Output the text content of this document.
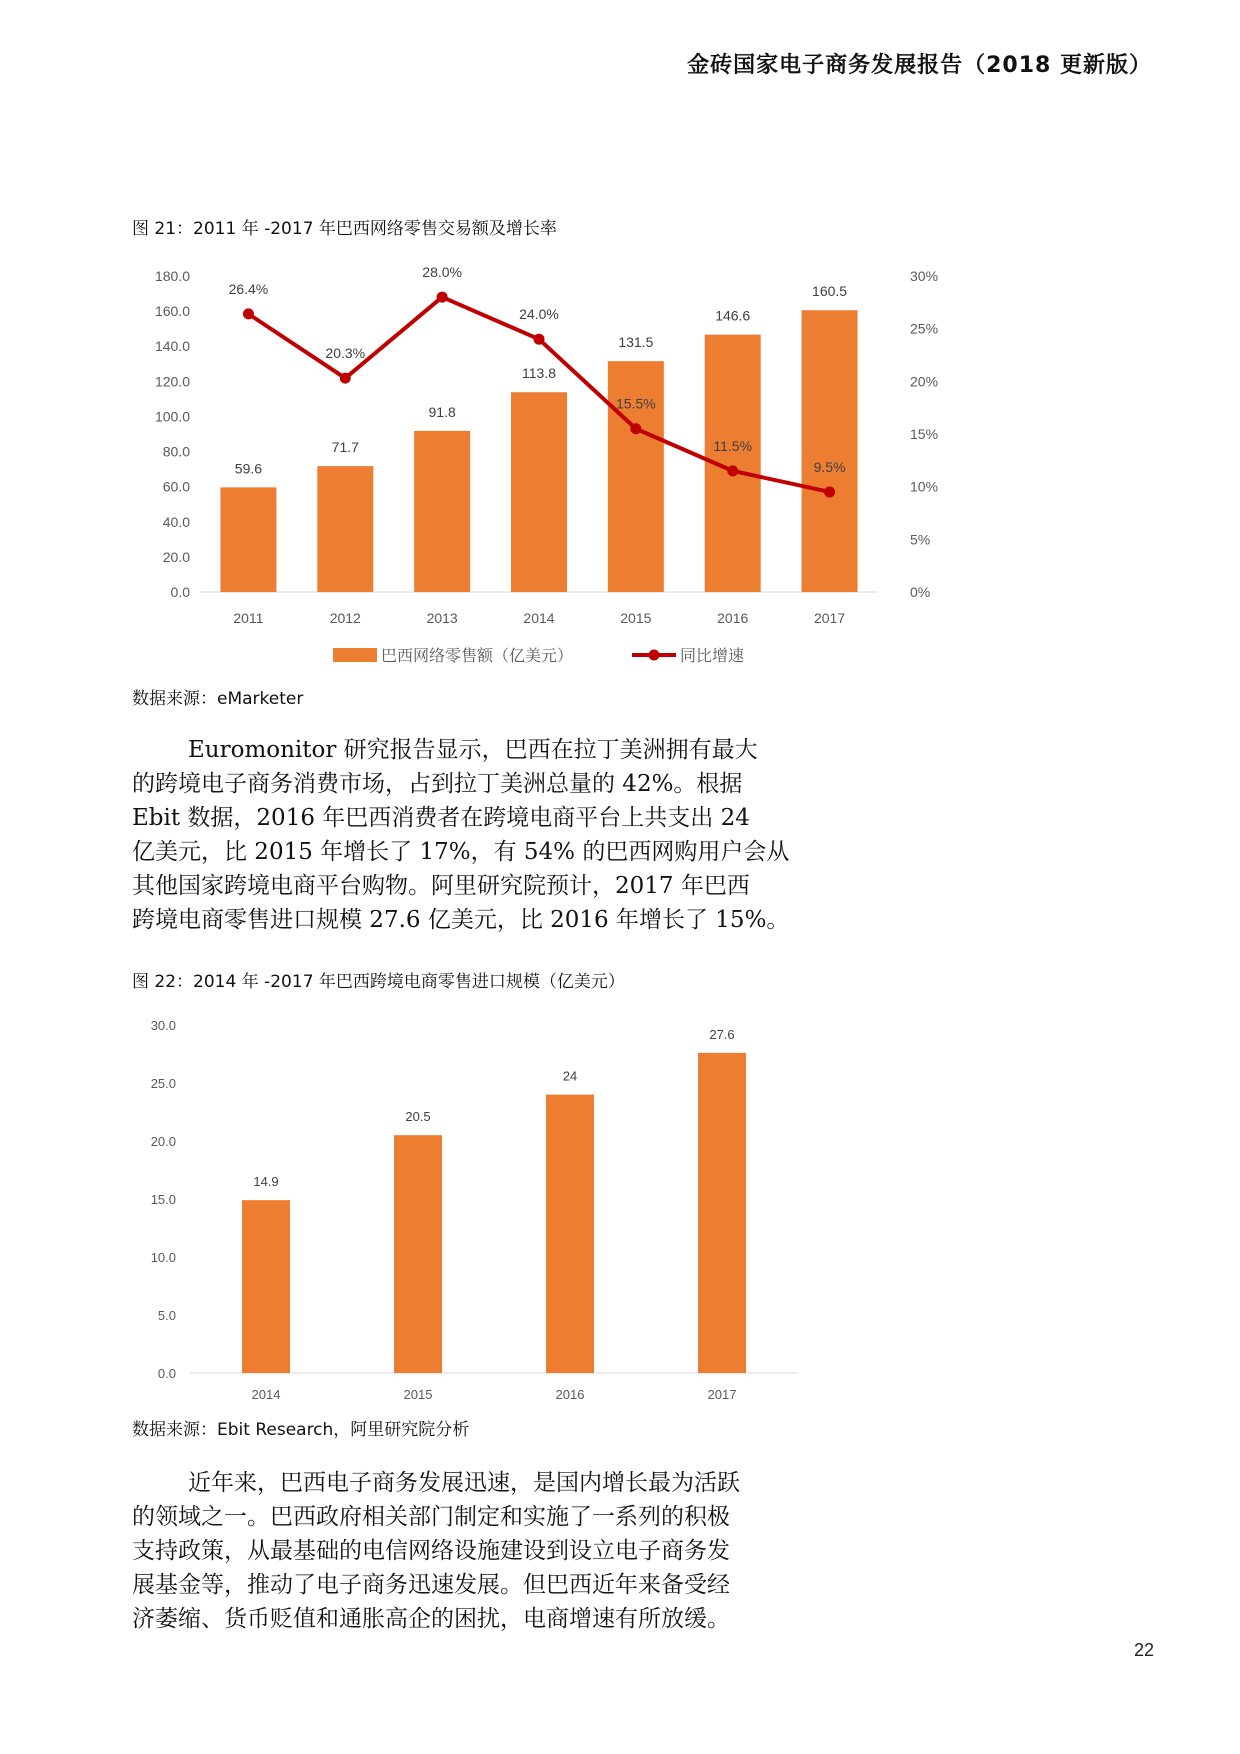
金砖国家电子商务发展报告（2018 更新版）
图 21：2011 年 -2017 年巴西网络零售交易额及增长率
0.0
20.0
40.0
60.0
80.0
100.0
120.0
140.0
160.0
180.0
0%
5%
10%
15%
20%
25%
30%
59.6
2011
71.7
2012
91.8
2013
113.8
2014
131.5
2015
146.6
2016
160.5
2017
26.4%
20.3%
28.0%
24.0%
15.5%
11.5%
9.5%
巴西网络零售额（亿美元）	同比增速
数据来源：eMarketer
Euromonitor 研究报告显示，巴西在拉丁美洲拥有最大
的跨境电子商务消费市场，占到拉丁美洲总量的 42%。根据
Ebit 数据，2016 年巴西消费者在跨境电商平台上共支出 24
亿美元，比 2015 年增长了 17%，有 54% 的巴西网购用户会从
其他国家跨境电商平台购物。阿里研究院预计，2017 年巴西
跨境电商零售进口规模 27.6 亿美元，比 2016 年增长了 15%。
图 22：2014 年 -2017 年巴西跨境电商零售进口规模（亿美元）
0.0
5.0
10.0
15.0
20.0
25.0
30.0
14.9
2014
20.5
2015
24
2016
27.6
2017
数据来源：Ebit Research，阿里研究院分析
近年来，巴西电子商务发展迅速，是国内增长最为活跃
的领域之一。巴西政府相关部门制定和实施了一系列的积极
支持政策，从最基础的电信网络设施建设到设立电子商务发
展基金等，推动了电子商务迅速发展。但巴西近年来备受经
济萎缩、货币贬值和通胀高企的困扰，电商增速有所放缓。
22
